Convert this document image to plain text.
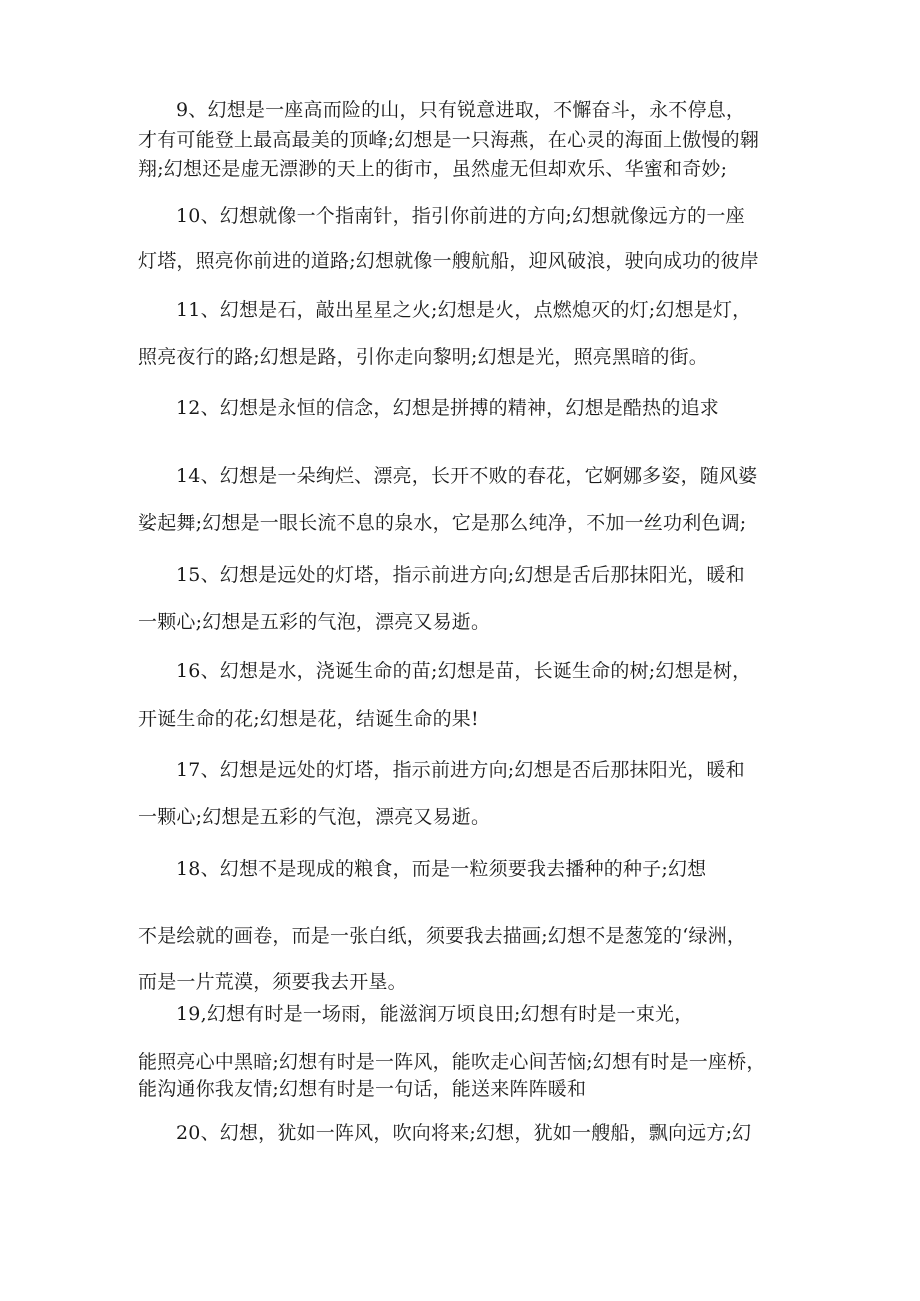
9、幻想是一座高而险的山，只有锐意进取，不懈奋斗，永不停息，
才有可能登上最高最美的顶峰;幻想是一只海燕，在心灵的海面上傲慢的翱
翔;幻想还是虚无漂渺的天上的街市，虽然虚无但却欢乐、华蜜和奇妙;
10、幻想就像一个指南针，指引你前进的方向;幻想就像远方的一座
灯塔，照亮你前进的道路;幻想就像一艘航船，迎风破浪，驶向成功的彼岸
11、幻想是石，敲出星星之火;幻想是火，点燃熄灭的灯;幻想是灯，
照亮夜行的路;幻想是路，引你走向黎明;幻想是光，照亮黑暗的街。
12、幻想是永恒的信念，幻想是拼搏的精神，幻想是酷热的追求
14、幻想是一朵绚烂、漂亮，长开不败的春花，它婀娜多姿，随风婆
娑起舞;幻想是一眼长流不息的泉水，它是那么纯净，不加一丝功利色调;
15、幻想是远处的灯塔，指示前进方向;幻想是舌后那抹阳光，暖和
一颗心;幻想是五彩的气泡，漂亮又易逝。
16、幻想是水，浇诞生命的苗;幻想是苗，长诞生命的树;幻想是树，
开诞生命的花;幻想是花，结诞生命的果!
17、幻想是远处的灯塔，指示前进方向;幻想是否后那抹阳光，暖和
一颗心;幻想是五彩的气泡，漂亮又易逝。
18、幻想不是现成的粮食，而是一粒须要我去播种的种子;幻想
不是绘就的画卷，而是一张白纸，须要我去描画;幻想不是葱笼的‘绿洲，
而是一片荒漠，须要我去开垦。
19,幻想有时是一场雨，能滋润万顷良田;幻想有时是一束光，
能照亮心中黑暗;幻想有时是一阵风，能吹走心间苦恼;幻想有时是一座桥，
能沟通你我友情;幻想有时是一句话，能送来阵阵暖和
20、幻想，犹如一阵风，吹向将来;幻想，犹如一艘船，飘向远方;幻
